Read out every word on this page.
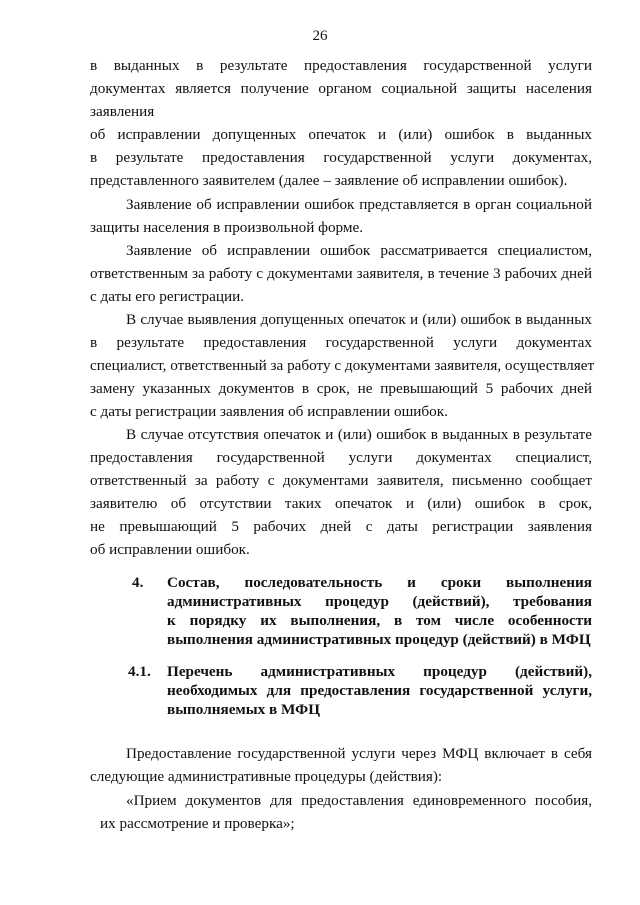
26
в выданных в результате предоставления государственной услуги
документах является получение органом социальной защиты населения
заявления
об исправлении допущенных опечаток и (или) ошибок в выданных
в результате предоставления государственной услуги документах,
представленного заявителем (далее – заявление об исправлении ошибок).
Заявление об исправлении ошибок представляется в орган социальной
защиты населения в произвольной форме.
Заявление об исправлении ошибок рассматривается специалистом,
ответственным за работу с документами заявителя, в течение 3 рабочих дней
с даты его регистрации.
В случае выявления допущенных опечаток и (или) ошибок в выданных
в результате предоставления государственной услуги документах
специалист, ответственный за работу с документами заявителя, осуществляет
замену указанных документов в срок, не превышающий 5 рабочих дней
с даты регистрации заявления об исправлении ошибок.
В случае отсутствия опечаток и (или) ошибок в выданных в результате
предоставления государственной услуги документах специалист,
ответственный за работу с документами заявителя, письменно сообщает
заявителю об отсутствии таких опечаток и (или) ошибок в срок,
не превышающий 5 рабочих дней с даты регистрации заявления
об исправлении ошибок.
4. Состав, последовательность и сроки выполнения
административных процедур (действий), требования
к порядку их выполнения, в том числе особенности
выполнения административных процедур (действий) в МФЦ
4.1. Перечень административных процедур (действий),
необходимых для предоставления государственной услуги,
выполняемых в МФЦ
Предоставление государственной услуги через МФЦ включает в себя
следующие административные процедуры (действия):
«Прием документов для предоставления единовременного пособия,
их рассмотрение и проверка»;
